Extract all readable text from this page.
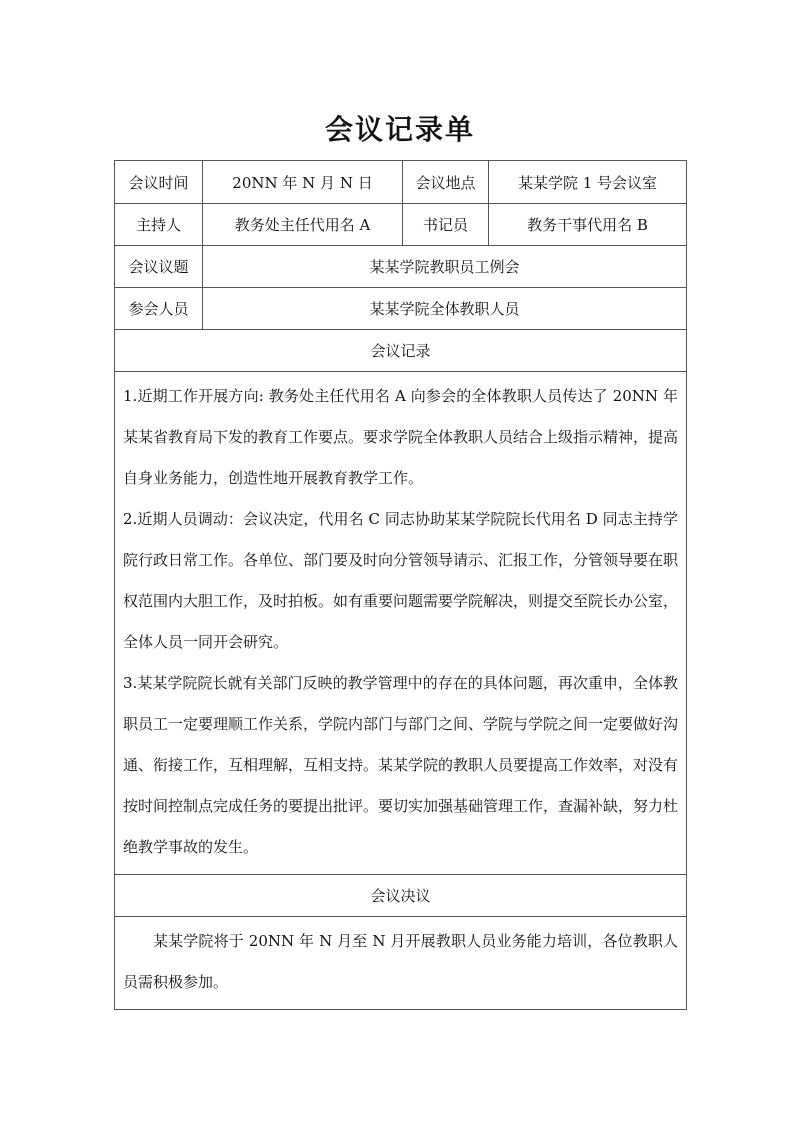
会议记录单
会议时间	20NN 年 N 月 N 日	会议地点	某某学院 1 号会议室
主持人	教务处主任代用名 A	书记员	教务干事代用名 B
会议议题	某某学院教职员工例会		
参会人员	某某学院全体教职人员		
会议记录			

1.近期工作开展方向: 教务处主任代用名 A 向参会的全体教职人员传达了 20NN 年某某省教育局下发的教育工作要点。要求学院全体教职人员结合上级指示精神，提高自身业务能力，创造性地开展教育教学工作。

2.近期人员调动：会议决定，代用名 C 同志协助某某学院院长代用名 D 同志主持学院行政日常工作。各单位、部门要及时向分管领导请示、汇报工作，分管领导要在职权范围内大胆工作，及时拍板。如有重要问题需要学院解决，则提交至院长办公室，全体人员一同开会研究。

3.某某学院院长就有关部门反映的教学管理中的存在的具体问题，再次重申，全体教职员工一定要理顺工作关系，学院内部门与部门之间、学院与学院之间一定要做好沟通、衔接工作，互相理解，互相支持。某某学院的教职人员要提高工作效率，对没有按时间控制点完成任务的要提出批评。要切实加强基础管理工作，查漏补缺，努力杜绝教学事故的发生。			

会议决议			

某某学院将于 20NN 年 N 月至 N 月开展教职人员业务能力培训，各位教职人员需积极参加。			
